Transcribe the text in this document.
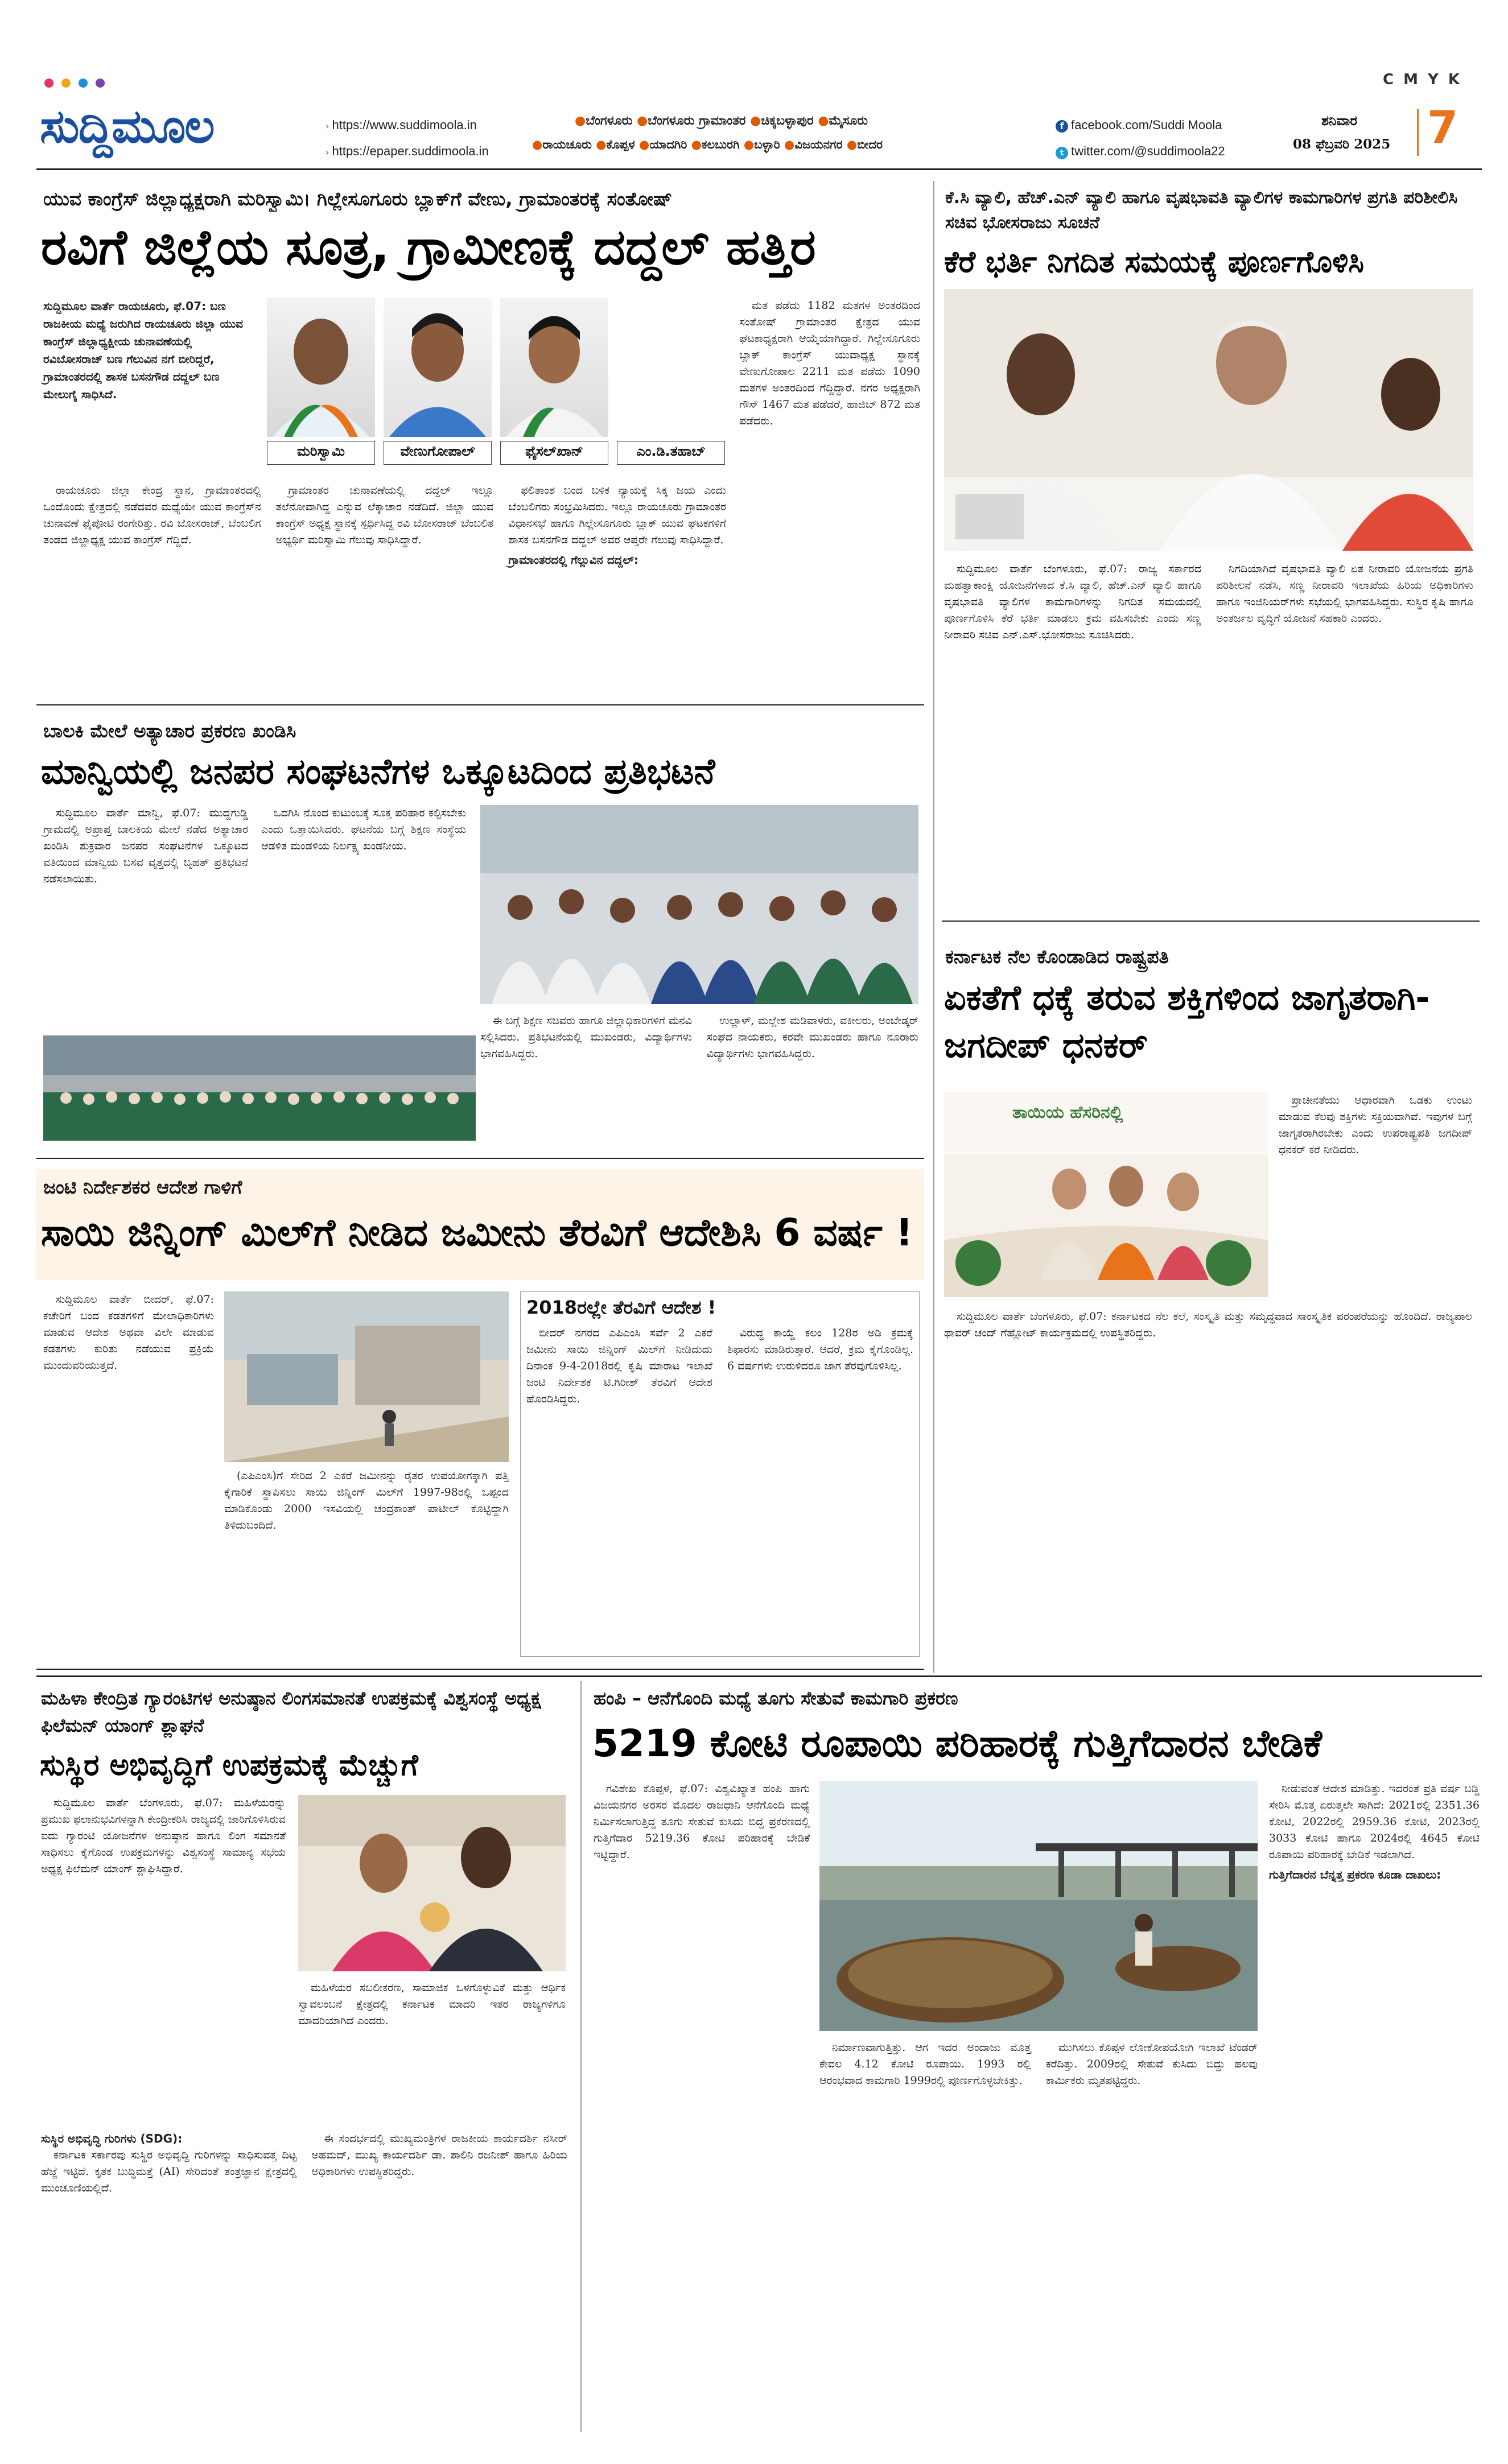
C M Y K
ಸುದ್ದಿಮೂಲ	› https://www.suddimoola.in
› https://epaper.suddimoola.in
●ಬೆಂಗಳೂರು ●ಬೆಂಗಳೂರು ಗ್ರಾಮಾಂತರ ●ಚಿಕ್ಕಬಳ್ಳಾಪುರ ●ಮೈಸೂರು
●ರಾಯಚೂರು ●ಕೊಪ್ಪಳ ●ಯಾದಗಿರಿ ●ಕಲಬುರಗಿ ●ಬಳ್ಳಾರಿ ●ವಿಜಯನಗರ ●ಬೀದರ
f facebook.com/Suddi Moola
t twitter.com/@suddimoola22
ಶನಿವಾರ
08 ಫೆಬ್ರವರಿ 2025 7
ಯುವ ಕಾಂಗ್ರೆಸ್ ಜಿಲ್ಲಾಧ್ಯಕ್ಷರಾಗಿ ಮರಿಸ್ವಾಮಿ। ಗಿಲ್ಲೇಸೂಗೂರು ಬ್ಲಾಕ್‌ಗೆ ವೇಣು, ಗ್ರಾಮಾಂತರಕ್ಕೆ ಸಂತೋಷ್
ರವಿಗೆ ಜಿಲ್ಲೆಯ ಸೂತ್ರ, ಗ್ರಾಮೀಣಕ್ಕೆ ದದ್ದಲ್ ಹತ್ತಿರ
ಸುದ್ದಿಮೂಲ ವಾರ್ತೆ ರಾಯಚೂರು, ಫೆ.07: ಬಣ ರಾಜಕೀಯ ಮಧ್ಯೆ ಜರುಗಿದ ರಾಯಚೂರು ಜಿಲ್ಲಾ ಯುವ ಕಾಂಗ್ರೆಸ್ ಜಿಲ್ಲಾಧ್ಯಕ್ಷೀಯ ಚುನಾವಣೆಯಲ್ಲಿ ರವಿಬೋಸರಾಜ್ ಬಣ ಗೆಲುವಿನ ನಗೆ ಬೀರಿದ್ದರೆ, ಗ್ರಾಮಾಂತರದಲ್ಲಿ ಶಾಸಕ ಬಸನಗೌಡ ದದ್ದಲ್ ಬಣ ಮೇಲುಗೈ ಸಾಧಿಸಿದೆ.
ಮರಿಸ್ವಾಮಿ	ವೇಣುಗೋಪಾಲ್	ಫೈಸಲ್‌ಖಾನ್	ಎಂ.ಡಿ.ತಹಾಬ್

ಮತ ಪಡೆದು 1182 ಮತಗಳ ಅಂತರದಿಂದ ಸಂತೋಷ್ ಗ್ರಾಮಾಂತರ ಕ್ಷೇತ್ರದ ಯುವ ಘಟಕಾಧ್ಯಕ್ಷರಾಗಿ ಆಯ್ಕೆಯಾಗಿದ್ದಾರೆ. ಗಿಲ್ಲೇಸೂಗೂರು ಬ್ಲಾಕ್ ಕಾಂಗ್ರೆಸ್ ಯುವಾಧ್ಯಕ್ಷ ಸ್ಥಾನಕ್ಕೆ ವೇಣುಗೋಪಾಲ 2211 ಮತ ಪಡೆದು 1090 ಮತಗಳ ಅಂತರದಿಂದ ಗೆದ್ದಿದ್ದಾರೆ. ನಗರ ಅಧ್ಯಕ್ಷರಾಗಿ ಗೌಸ್ 1467 ಮತ ಪಡೆದರೆ, ಹಾಜಿಬ್ 872 ಮತ ಪಡೆದರು.

ರಾಯಚೂರು ಜಿಲ್ಲಾ ಕೇಂದ್ರ ಸ್ಥಾನ, ಗ್ರಾಮಾಂತರದಲ್ಲಿ ಒಂದೊಂದು ಕ್ಷೇತ್ರದಲ್ಲಿ ನಡೆದವರ ಮಧ್ಯೆಯೇ ಯುವ ಕಾಂಗ್ರೆಸ್‌ನ ಚುನಾವಣೆ ಫೈಪೋಟಿ ರಂಗೇರಿತ್ತು. ರವಿ ಬೋಸರಾಜ್, ಬೆಂಬಲಿಗ ತಂಡದ ಜಿಲ್ಲಾಧ್ಯಕ್ಷ ಯುವ ಕಾಂಗ್ರೆಸ್ ಗೆದ್ದಿದೆ.

ಗ್ರಾಮಾಂತರ ಚುನಾವಣೆಯಲ್ಲಿ ದದ್ದಲ್ ಇಲ್ಲೂ ತಲೆನೋವಾಗಿದ್ದ ಎನ್ನುವ ಲೆಕ್ಕಾಚಾರ ನಡೆದಿದೆ. ಜಿಲ್ಲಾ ಯುವ ಕಾಂಗ್ರೆಸ್ ಅಧ್ಯಕ್ಷ ಸ್ಥಾನಕ್ಕೆ ಸ್ಪರ್ಧಿಸಿದ್ದ ರವಿ ಬೋಸರಾಜ್ ಬೆಂಬಲಿತ ಅಭ್ಯರ್ಥಿ ಮರಿಸ್ವಾಮಿ ಗೆಲುವು ಸಾಧಿಸಿದ್ದಾರೆ.

ಫಲಿತಾಂಶ ಬಂದ ಬಳಿಕ ನ್ಯಾಯಕ್ಕೆ ಸಿಕ್ಕ ಜಯ ಎಂದು ಬೆಂಬಲಿಗರು ಸಂಭ್ರಮಿಸಿದರು. ಇಲ್ಲೂ ರಾಯಚೂರು ಗ್ರಾಮಾಂತರ ವಿಧಾನಸಭೆ ಹಾಗೂ ಗಿಲ್ಲೇಸೂಗೂರು ಬ್ಲಾಕ್ ಯುವ ಘಟಕಗಳಿಗೆ ಶಾಸಕ ಬಸನಗೌಡ ದದ್ದಲ್ ಅವರ ಆಪ್ತರೇ ಗೆಲುವು ಸಾಧಿಸಿದ್ದಾರೆ.

ಗ್ರಾಮಾಂತರದಲ್ಲಿ ಗೆಲ್ಲುವಿನ ದದ್ದಲ್:
ಕೆ.ಸಿ ವ್ಯಾಲಿ, ಹೆಚ್.ಎನ್ ವ್ಯಾಲಿ ಹಾಗೂ ವೃಷಭಾವತಿ ವ್ಯಾಲಿಗಳ ಕಾಮಗಾರಿಗಳ ಪ್ರಗತಿ ಪರಿಶೀಲಿಸಿ ಸಚಿವ ಭೋಸರಾಜು ಸೂಚನೆ
ಕೆರೆ ಭರ್ತಿ ನಿಗದಿತ ಸಮಯಕ್ಕೆ ಪೂರ್ಣಗೊಳಿಸಿ

ಸುದ್ದಿಮೂಲ ವಾರ್ತೆ ಬೆಂಗಳೂರು, ಫೆ.07: ರಾಜ್ಯ ಸರ್ಕಾರದ ಮಹತ್ವಾಕಾಂಕ್ಷಿ ಯೋಜನೆಗಳಾದ ಕೆ.ಸಿ ವ್ಯಾಲಿ, ಹೆಚ್.ಎನ್ ವ್ಯಾಲಿ ಹಾಗೂ ವೃಷಭಾವತಿ ವ್ಯಾಲಿಗಳ ಕಾಮಗಾರಿಗಳನ್ನು ನಿಗದಿತ ಸಮಯದಲ್ಲಿ ಪೂರ್ಣಗೊಳಿಸಿ ಕೆರೆ ಭರ್ತಿ ಮಾಡಲು ಕ್ರಮ ವಹಿಸಬೇಕು ಎಂದು ಸಣ್ಣ ನೀರಾವರಿ ಸಚಿವ ಎನ್.ಎಸ್.ಭೋಸರಾಜು ಸೂಚಿಸಿದರು.

ನಿಗದಿಯಾಗಿದೆ ವೃಷಭಾವತಿ ವ್ಯಾಲಿ ಏತ ನೀರಾವರಿ ಯೋಜನೆಯ ಪ್ರಗತಿ ಪರಿಶೀಲನೆ ನಡೆಸಿ, ಸಣ್ಣ ನೀರಾವರಿ ಇಲಾಖೆಯ ಹಿರಿಯ ಅಧಿಕಾರಿಗಳು ಹಾಗೂ ಇಂಜಿನಿಯರ್‌ಗಳು ಸಭೆಯಲ್ಲಿ ಭಾಗವಹಿಸಿದ್ದರು. ಸುಸ್ಥಿರ ಕೃಷಿ ಹಾಗೂ ಅಂತರ್ಜಲ ವೃದ್ಧಿಗೆ ಯೋಜನೆ ಸಹಕಾರಿ ಎಂದರು.

ಬಾಲಕಿ ಮೇಲೆ ಅತ್ಯಾಚಾರ ಪ್ರಕರಣ ಖಂಡಿಸಿ
ಮಾನ್ವಿಯಲ್ಲಿ ಜನಪರ ಸಂಘಟನೆಗಳ ಒಕ್ಕೂಟದಿಂದ ಪ್ರತಿಭಟನೆ

ಸುದ್ದಿಮೂಲ ವಾರ್ತೆ ಮಾನ್ವಿ, ಫೆ.07: ಮುದ್ದಗುಡ್ಡಿ ಗ್ರಾಮದಲ್ಲಿ ಅಪ್ರಾಪ್ತ ಬಾಲಕಿಯ ಮೇಲೆ ನಡೆದ ಅತ್ಯಾಚಾರ ಖಂಡಿಸಿ ಶುಕ್ರವಾರ ಜನಪರ ಸಂಘಟನೆಗಳ ಒಕ್ಕೂಟದ ವತಿಯಿಂದ ಮಾನ್ವಿಯ ಬಸವ ವೃತ್ತದಲ್ಲಿ ಬೃಹತ್ ಪ್ರತಿಭಟನೆ ನಡೆಸಲಾಯಿತು.

ಒದಗಿಸಿ ನೊಂದ ಕುಟುಂಬಕ್ಕೆ ಸೂಕ್ತ ಪರಿಹಾರ ಕಲ್ಪಿಸಬೇಕು ಎಂದು ಒತ್ತಾಯಿಸಿದರು. ಘಟನೆಯ ಬಗ್ಗೆ ಶಿಕ್ಷಣ ಸಂಸ್ಥೆಯ ಆಡಳಿತ ಮಂಡಳಿಯ ನಿರ್ಲಕ್ಷ್ಯ ಖಂಡನೀಯ.

ಈ ಬಗ್ಗೆ ಶಿಕ್ಷಣ ಸಚಿವರು ಹಾಗೂ ಜಿಲ್ಲಾಧಿಕಾರಿಗಳಿಗೆ ಮನವಿ ಸಲ್ಲಿಸಿದರು. ಪ್ರತಿಭಟನೆಯಲ್ಲಿ ಮುಖಂಡರು, ವಿದ್ಯಾರ್ಥಿಗಳು ಭಾಗವಹಿಸಿದ್ದರು.

ಉಲ್ಲಾಳ್, ಮಲ್ಲೇಶ ಮಡಿವಾಳರು, ವಕೀಲರು, ಅಂಬೇಡ್ಕರ್ ಸಂಘದ ನಾಯಕರು, ಕರವೇ ಮುಖಂಡರು ಹಾಗೂ ನೂರಾರು ವಿದ್ಯಾರ್ಥಿಗಳು ಭಾಗವಹಿಸಿದ್ದರು.

ಕರ್ನಾಟಕ ನೆಲ ಕೊಂಡಾಡಿದ ರಾಷ್ಟ್ರಪತಿ
ಏಕತೆಗೆ ಧಕ್ಕೆ ತರುವ ಶಕ್ತಿಗಳಿಂದ ಜಾಗೃತರಾಗಿ-ಜಗದೀಪ್ ಧನಕರ್
ತಾಯಿಯ ಹೆಸರಿನಲ್ಲಿ

ಪ್ರಾಚೀನತೆಯು ಆಧಾರವಾಗಿ ಒಡಕು ಉಂಟು ಮಾಡುವ ಕೆಲವು ಶಕ್ತಿಗಳು ಸಕ್ರಿಯವಾಗಿವೆ. ಇವುಗಳ ಬಗ್ಗೆ ಜಾಗೃತರಾಗಿರಬೇಕು ಎಂದು ಉಪರಾಷ್ಟ್ರಪತಿ ಜಗದೀಪ್ ಧನಕರ್ ಕರೆ ನೀಡಿದರು.

ಸುದ್ದಿಮೂಲ ವಾರ್ತೆ ಬೆಂಗಳೂರು, ಫೆ.07: ಕರ್ನಾಟಕದ ನೆಲ ಕಲೆ, ಸಂಸ್ಕೃತಿ ಮತ್ತು ಸಮೃದ್ಧವಾದ ಸಾಂಸ್ಕೃತಿಕ ಪರಂಪರೆಯನ್ನು ಹೊಂದಿದೆ. ರಾಜ್ಯಪಾಲ ಥಾವರ್ ಚಂದ್ ಗೆಹ್ಲೋಟ್ ಕಾರ್ಯಕ್ರಮದಲ್ಲಿ ಉಪಸ್ಥಿತರಿದ್ದರು.

ಜಂಟಿ ನಿರ್ದೇಶಕರ ಆದೇಶ ಗಾಳಿಗೆ
ಸಾಯಿ ಜಿನ್ನಿಂಗ್ ಮಿಲ್‌ಗೆ ನೀಡಿದ ಜಮೀನು ತೆರವಿಗೆ ಆದೇಶಿಸಿ 6 ವರ್ಷ !

ಸುದ್ದಿಮೂಲ ವಾರ್ತೆ ಬೀದರ್, ಫೆ.07: ಕಚೇರಿಗೆ ಬಂದ ಕಡತಗಳಿಗೆ ಮೇಲಾಧಿಕಾರಿಗಳು ಮಾಡುವ ಆದೇಶ ಅಥವಾ ವಿಲೇ ಮಾಡುವ ಕಡತಗಳು ಕುರಿತು ನಡೆಯುವ ಪ್ರಕ್ರಿಯೆ ಮುಂದುವರಿಯುತ್ತದೆ.

(ಎಪಿಎಂಸಿ)ಗೆ ಸೇರಿದ 2 ಎಕರೆ ಜಮೀನನ್ನು ರೈತರ ಉಪಯೋಗಕ್ಕಾಗಿ ಪತ್ತಿ ಕೈಗಾರಿಕೆ ಸ್ಥಾಪಿಸಲು ಸಾಯಿ ಜಿನ್ನಿಂಗ್ ಮಿಲ್‌ಗೆ 1997-98ರಲ್ಲಿ ಒಪ್ಪಂದ ಮಾಡಿಕೊಂಡು 2000 ಇಸವಿಯಲ್ಲಿ ಚಂದ್ರಕಾಂತ್ ಪಾಟೀಲ್ ಕೊಟ್ಟಿದ್ದಾಗಿ ತಿಳಿದುಬಂದಿದೆ.

2018ರಲ್ಲೇ ತೆರವಿಗೆ ಆದೇಶ !

ಬೀದರ್ ನಗರದ ಎಪಿಎಂಸಿ ಸರ್ವೆ 2 ಎಕರೆ ಜಮೀನು ಸಾಯಿ ಜಿನ್ನಿಂಗ್ ಮಿಲ್‌ಗೆ ನೀಡಿದುದು ದಿನಾಂಕ 9-4-2018ರಲ್ಲಿ ಕೃಷಿ ಮಾರಾಟ ಇಲಾಖೆ ಜಂಟಿ ನಿರ್ದೇಶಕ ಟಿ.ಗಿರೀಶ್ ತೆರವಿಗೆ ಆದೇಶ ಹೊರಡಿಸಿದ್ದರು.

ವಿರುದ್ಧ ಕಾಯ್ದೆ ಕಲಂ 128ರ ಅಡಿ ಕ್ರಮಕ್ಕೆ ಶಿಫಾರಸು ಮಾಡಿರುತ್ತಾರೆ. ಆದರೆ, ಕ್ರಮ ಕೈಗೊಂಡಿಲ್ಲ. 6 ವರ್ಷಗಳು ಉರುಳಿದರೂ ಜಾಗ ತೆರವುಗೊಳಿಸಿಲ್ಲ.

ಮಹಿಳಾ ಕೇಂದ್ರಿತ ಗ್ಯಾರಂಟಿಗಳ ಅನುಷ್ಠಾನ ಲಿಂಗಸಮಾನತೆ ಉಪಕ್ರಮಕ್ಕೆ ವಿಶ್ವಸಂಸ್ಥೆ ಅಧ್ಯಕ್ಷ ಫಿಲೆಮನ್ ಯಾಂಗ್ ಶ್ಲಾಘನೆ
ಸುಸ್ಥಿರ ಅಭಿವೃದ್ಧಿಗೆ ಉಪಕ್ರಮಕ್ಕೆ ಮೆಚ್ಚುಗೆ

ಸುದ್ದಿಮೂಲ ವಾರ್ತೆ ಬೆಂಗಳೂರು, ಫೆ.07: ಮಹಿಳೆಯರನ್ನು ಪ್ರಮುಖ ಫಲಾನುಭವಿಗಳನ್ನಾಗಿ ಕೇಂದ್ರೀಕರಿಸಿ ರಾಜ್ಯದಲ್ಲಿ ಜಾರಿಗೊಳಿಸಿರುವ ಐದು ಗ್ಯಾರಂಟಿ ಯೋಜನೆಗಳ ಅನುಷ್ಠಾನ ಹಾಗೂ ಲಿಂಗ ಸಮಾನತೆ ಸಾಧಿಸಲು ಕೈಗೊಂಡ ಉಪಕ್ರಮಗಳನ್ನು ವಿಶ್ವಸಂಸ್ಥೆ ಸಾಮಾನ್ಯ ಸಭೆಯ ಅಧ್ಯಕ್ಷ ಫಿಲೆಮನ್ ಯಾಂಗ್ ಶ್ಲಾಘಿಸಿದ್ದಾರೆ.

ಮಹಿಳೆಯರ ಸಬಲೀಕರಣ, ಸಾಮಾಜಿಕ ಒಳಗೊಳ್ಳುವಿಕೆ ಮತ್ತು ಆರ್ಥಿಕ ಸ್ವಾವಲಂಬನೆ ಕ್ಷೇತ್ರದಲ್ಲಿ ಕರ್ನಾಟಕ ಮಾದರಿ ಇತರ ರಾಜ್ಯಗಳಿಗೂ ಮಾದರಿಯಾಗಿದೆ ಎಂದರು.

ಸುಸ್ಥಿರ ಅಭಿವೃದ್ಧಿ ಗುರಿಗಳು (SDG):

ಕರ್ನಾಟಕ ಸರ್ಕಾರವು ಸುಸ್ಥಿರ ಅಭಿವೃದ್ಧಿ ಗುರಿಗಳನ್ನು ಸಾಧಿಸುವತ್ತ ದಿಟ್ಟ ಹೆಜ್ಜೆ ಇಟ್ಟಿದೆ. ಕೃತಕ ಬುದ್ಧಿಮತ್ತೆ (AI) ಸೇರಿದಂತೆ ತಂತ್ರಜ್ಞಾನ ಕ್ಷೇತ್ರದಲ್ಲಿ ಮುಂಚೂಣಿಯಲ್ಲಿದೆ.

ಈ ಸಂದರ್ಭದಲ್ಲಿ ಮುಖ್ಯಮಂತ್ರಿಗಳ ರಾಜಕೀಯ ಕಾರ್ಯದರ್ಶಿ ನಸೀರ್ ಅಹಮದ್, ಮುಖ್ಯ ಕಾರ್ಯದರ್ಶಿ ಡಾ. ಶಾಲಿನಿ ರಜನೀಶ್ ಹಾಗೂ ಹಿರಿಯ ಅಧಿಕಾರಿಗಳು ಉಪಸ್ಥಿತರಿದ್ದರು.

ಹಂಪಿ – ಆನೆಗೊಂದಿ ಮಧ್ಯೆ ತೂಗು ಸೇತುವೆ ಕಾಮಗಾರಿ ಪ್ರಕರಣ
5219 ಕೋಟಿ ರೂಪಾಯಿ ಪರಿಹಾರಕ್ಕೆ ಗುತ್ತಿಗೆದಾರನ ಬೇಡಿಕೆ

ಗವಿಶೇಖ ಕೊಪ್ಪಳ, ಫೆ.07: ವಿಶ್ವವಿಖ್ಯಾತ ಹಂಪಿ ಹಾಗು ವಿಜಯನಗರ ಅರಸರ ಮೊದಲ ರಾಜಧಾನಿ ಆನೆಗೊಂದಿ ಮಧ್ಯೆ ನಿರ್ಮಿಸಲಾಗುತ್ತಿದ್ದ ತೂಗು ಸೇತುವೆ ಕುಸಿದು ಬಿದ್ದ ಪ್ರಕರಣದಲ್ಲಿ ಗುತ್ತಿಗೆದಾರ 5219.36 ಕೋಟಿ ಪರಿಹಾರಕ್ಕೆ ಬೇಡಿಕೆ ಇಟ್ಟಿದ್ದಾರೆ.

ನಿರ್ಮಾಣವಾಗುತ್ತಿತ್ತು. ಆಗ ಇದರ ಅಂದಾಜು ಮೊತ್ತ ಕೇವಲ 4.12 ಕೋಟಿ ರೂಪಾಯಿ. 1993 ರಲ್ಲಿ ಆರಂಭವಾದ ಕಾಮಗಾರಿ 1999ರಲ್ಲಿ ಪೂರ್ಣಗೊಳ್ಳಬೇಕಿತ್ತು.

ಮುಗಿಸಲು ಕೊಪ್ಪಳ ಲೋಕೋಪಯೋಗಿ ಇಲಾಖೆ ಟೆಂಡರ್ ಕರೆದಿತ್ತು. 2009ರಲ್ಲಿ ಸೇತುವೆ ಕುಸಿದು ಬಿದ್ದು ಹಲವು ಕಾರ್ಮಿಕರು ಮೃತಪಟ್ಟಿದ್ದರು.

ನೀಡುವಂತೆ ಆದೇಶ ಮಾಡಿತ್ತು. ಇದರಂತೆ ಪ್ರತಿ ವರ್ಷ ಬಡ್ಡಿ ಸೇರಿಸಿ ಮೊತ್ತ ಏರುತ್ತಲೇ ಸಾಗಿದೆ: 2021ರಲ್ಲಿ 2351.36 ಕೋಟಿ, 2022ರಲ್ಲಿ 2959.36 ಕೋಟಿ, 2023ರಲ್ಲಿ 3033 ಕೋಟಿ ಹಾಗೂ 2024ರಲ್ಲಿ 4645 ಕೋಟಿ ರೂಪಾಯಿ ಪರಿಹಾರಕ್ಕೆ ಬೇಡಿಕೆ ಇಡಲಾಗಿದೆ.

ಗುತ್ತಿಗೆದಾರನ ಬೆನ್ನತ್ತ ಪ್ರಕರಣ ಕೂಡಾ ದಾಖಲು:
